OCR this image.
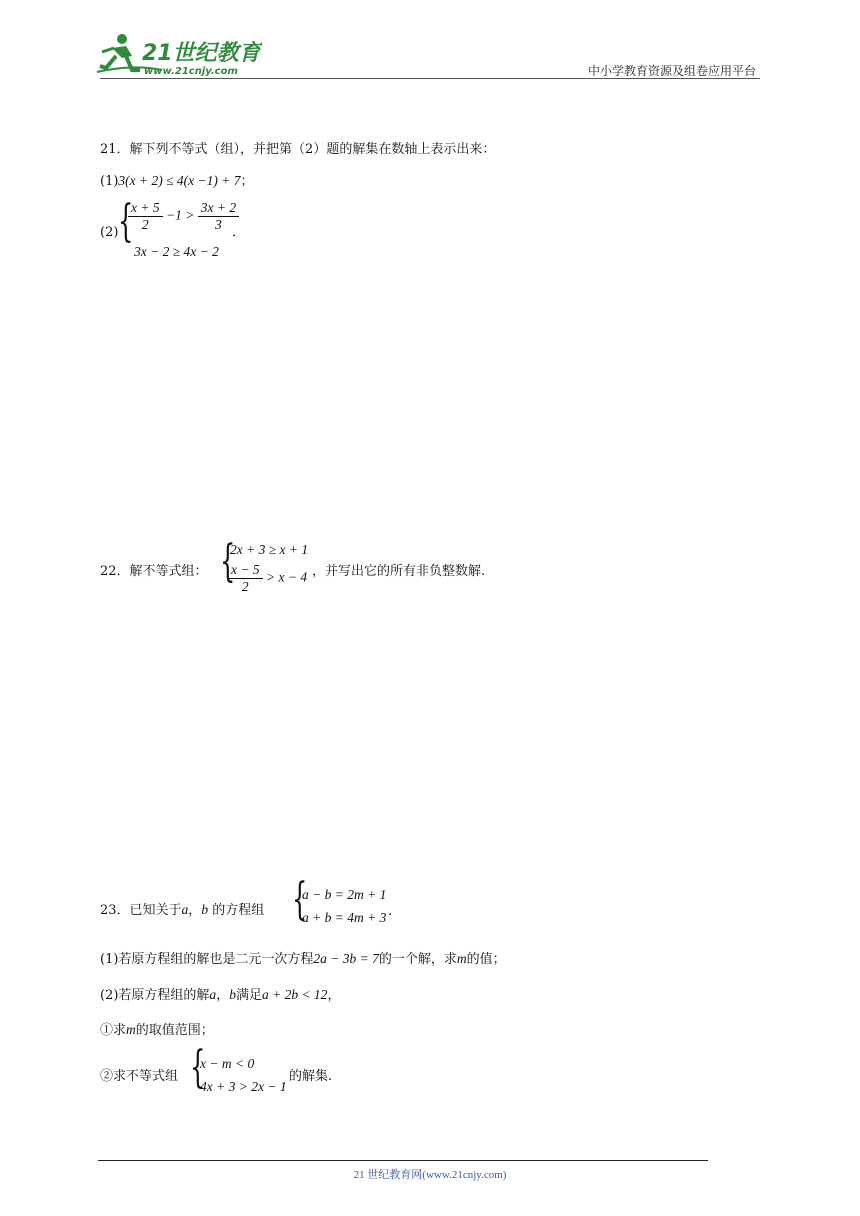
21世纪教育
www.21cnjy.com	中小学教育资源及组卷应用平台
21．解下列不等式（组），并把第（2）题的解集在数轴上表示出来：
(1)3(x + 2) ≤ 4(x −1) + 7；
(2) {
$\frac{x + 5}{2} -1 > \frac{3x + 2}{3}$
．
3x − 2 ≥ 4x − 2
22．解不等式组： {
2x + 3 ≥ x + 1
$\frac{x - 5}{2} > x - 4$ ，并写出它的所有非负整数解.
23．已知关于a，b 的方程组 {
a − b = 2m + 1
a + b = 4m + 3 .
(1)若原方程组的解也是二元一次方程2a − 3b = 7的一个解，求m的值；
(2)若原方程组的解a，b满足a + 2b < 12，
①求m的取值范围；
②求不等式组 {
x − m < 0
4x + 3 > 2x − 1
的解集.
21 世纪教育网(www.21cnjy.com)
